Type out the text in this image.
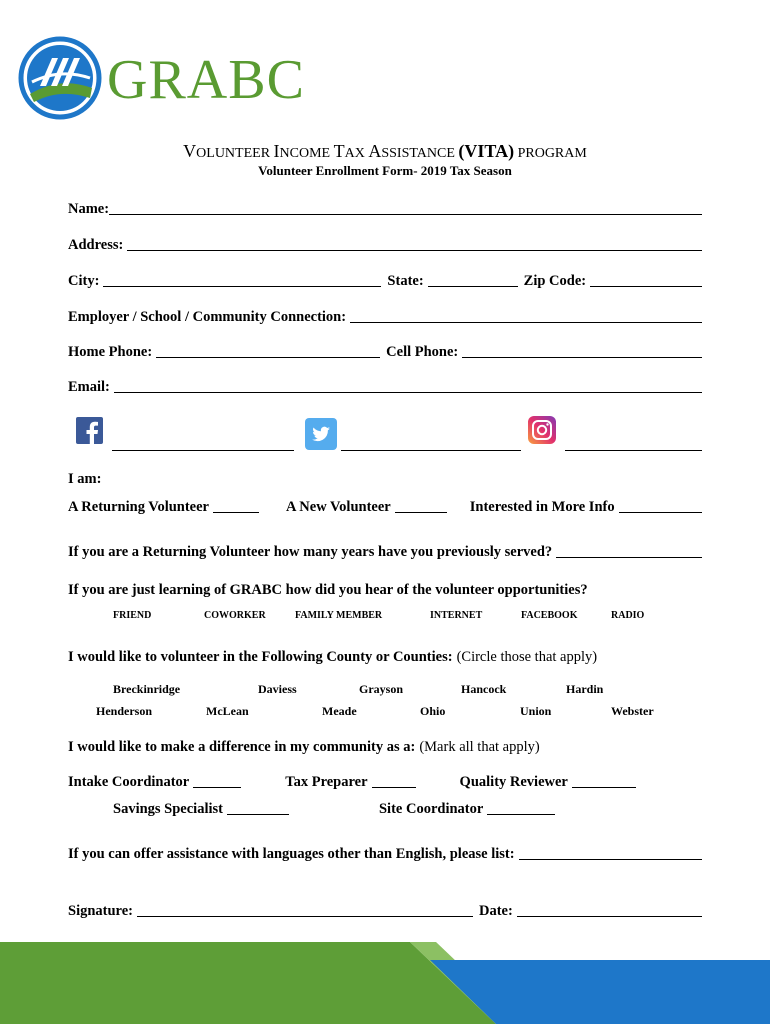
GRABC
VOLUNTEER INCOME TAX ASSISTANCE (VITA) PROGRAM
Volunteer Enrollment Form- 2019 Tax Season
Name:
Address:
City:	State:	Zip Code:
Employer / School / Community Connection:
Home Phone:	Cell Phone:
Email:
I am:
A Returning Volunteer	A New Volunteer	Interested in More Info
If you are a Returning Volunteer how many years have you previously served?
If you are just learning of GRABC how did you hear of the volunteer opportunities?
FRIEND	COWORKER	FAMILY MEMBER	INTERNET	FACEBOOK	RADIO
I would like to volunteer in the Following County or Counties: (Circle those that apply)
Breckinridge	Daviess	Grayson	Hancock	Hardin
Henderson	McLean	Meade	Ohio	Union	Webster
I would like to make a difference in my community as a: (Mark all that apply)
Intake Coordinator	Tax Preparer	Quality Reviewer
Savings Specialist	Site Coordinator
If you can offer assistance with languages other than English, please list:
Signature:	Date:
